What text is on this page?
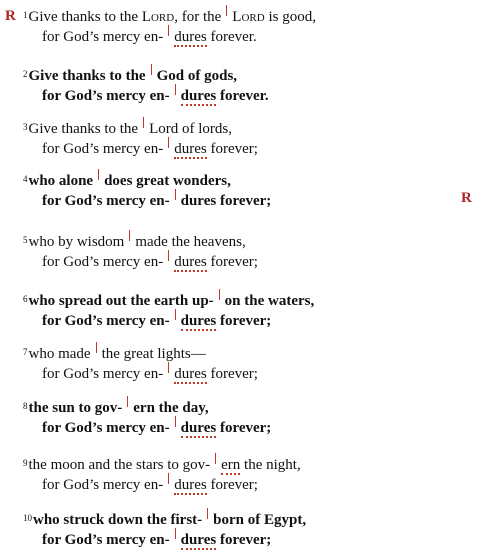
R
R
$^1$Give thanks to the Lord, for the Lord is good,
for God’s mercy en- dures forever.
$^2$Give thanks to the God of gods,
for God’s mercy en- dures forever.
$^3$Give thanks to the Lord of lords,
for God’s mercy en- dures forever;
$^4$who alone does great wonders,
for God’s mercy en- dures forever;
$^5$who by wisdom made the heavens,
for God’s mercy en- dures forever;
$^6$who spread out the earth up- on the waters,
for God’s mercy en- dures forever;
$^7$who made the great lights—
for God’s mercy en- dures forever;
$^8$the sun to gov- ern the day,
for God’s mercy en- dures forever;
$^9$the moon and the stars to gov- ern the night,
for God’s mercy en- dures forever;
$^{10}$who struck down the first- born of Egypt,
for God’s mercy en- dures forever;
